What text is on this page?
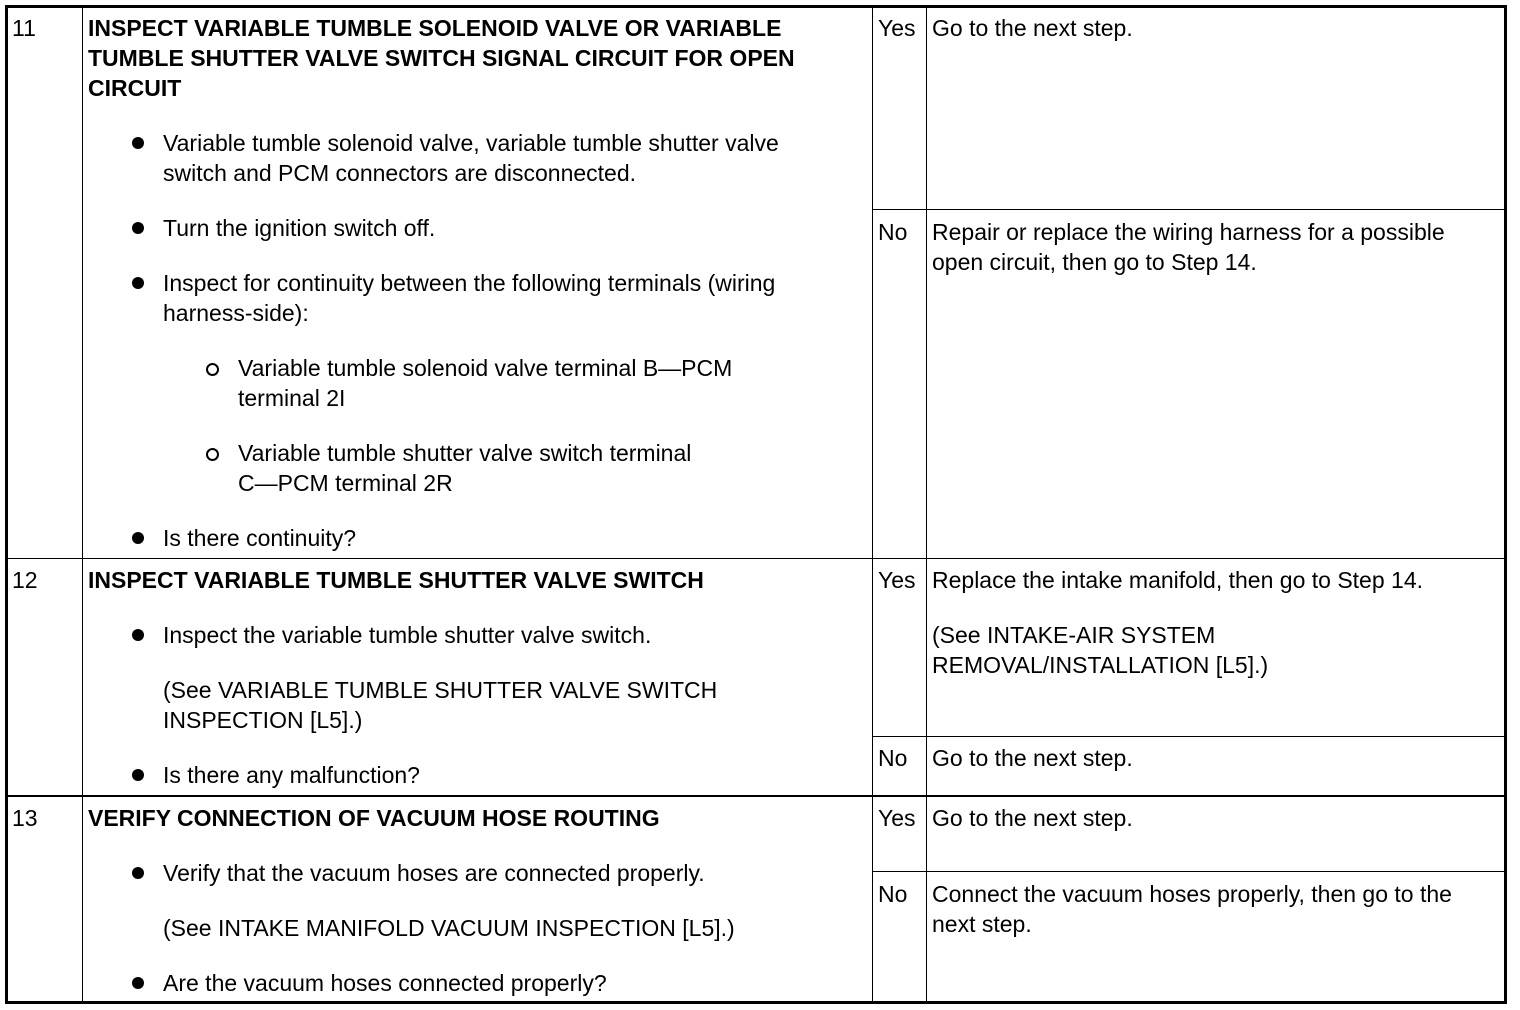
11 INSPECT VARIABLE TUMBLE SOLENOID VALVE OR VARIABLE
TUMBLE SHUTTER VALVE SWITCH SIGNAL CIRCUIT FOR OPEN
CIRCUIT
Variable tumble solenoid valve, variable tumble shutter valve
switch and PCM connectors are disconnected.
Turn the ignition switch off.
Inspect for continuity between the following terminals (wiring
harness-side):
Variable tumble solenoid valve terminal B—PCM
terminal 2I
Variable tumble shutter valve switch terminal
C—PCM terminal 2R
Is there continuity?
Yes Go to the next step.
No Repair or replace the wiring harness for a possible
open circuit, then go to Step 14.
12 INSPECT VARIABLE TUMBLE SHUTTER VALVE SWITCH
Inspect the variable tumble shutter valve switch.
(See VARIABLE TUMBLE SHUTTER VALVE SWITCH
INSPECTION [L5].)
Is there any malfunction?
Yes Replace the intake manifold, then go to Step 14.
(See INTAKE-AIR SYSTEM
REMOVAL/INSTALLATION [L5].)
No Go to the next step.
13 VERIFY CONNECTION OF VACUUM HOSE ROUTING
Verify that the vacuum hoses are connected properly.
(See INTAKE MANIFOLD VACUUM INSPECTION [L5].)
Are the vacuum hoses connected properly?
Yes Go to the next step.
No Connect the vacuum hoses properly, then go to the
next step.
